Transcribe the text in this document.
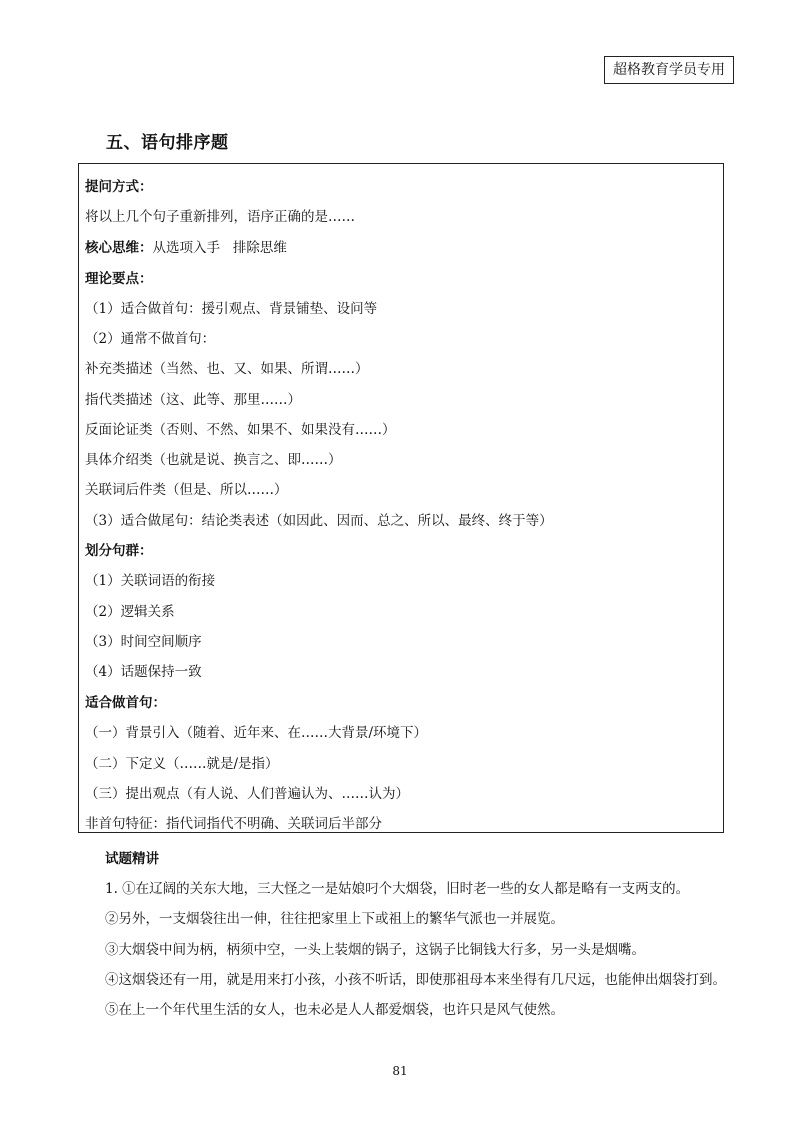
超格教育学员专用
五、语句排序题
提问方式：
将以上几个句子重新排列，语序正确的是……
核心思维：从选项入手   排除思维
理论要点：
（1）适合做首句：援引观点、背景铺垫、设问等
（2）通常不做首句：
补充类描述（当然、也、又、如果、所谓……）
指代类描述（这、此等、那里……）
反面论证类（否则、不然、如果不、如果没有……）
具体介绍类（也就是说、换言之、即……）
关联词后件类（但是、所以……）
（3）适合做尾句：结论类表述（如因此、因而、总之、所以、最终、终于等）
划分句群：
（1）关联词语的衔接
（2）逻辑关系
（3）时间空间顺序
（4）话题保持一致
适合做首句：
（一）背景引入（随着、近年来、在……大背景/环境下）
（二）下定义（……就是/是指）
（三）提出观点（有人说、人们普遍认为、……认为）
非首句特征：指代词指代不明确、关联词后半部分
试题精讲
1. ①在辽阔的关东大地，三大怪之一是姑娘叼个大烟袋，旧时老一些的女人都是略有一支两支的。
②另外，一支烟袋往出一伸，往往把家里上下或祖上的繁华气派也一并展览。
③大烟袋中间为柄，柄须中空，一头上装烟的锅子，这锅子比铜钱大行多，另一头是烟嘴。
④这烟袋还有一用，就是用来打小孩，小孩不听话，即使那祖母本来坐得有几尺远，也能伸出烟袋打到。
⑤在上一个年代里生活的女人，也未必是人人都爱烟袋，也许只是风气使然。
81
